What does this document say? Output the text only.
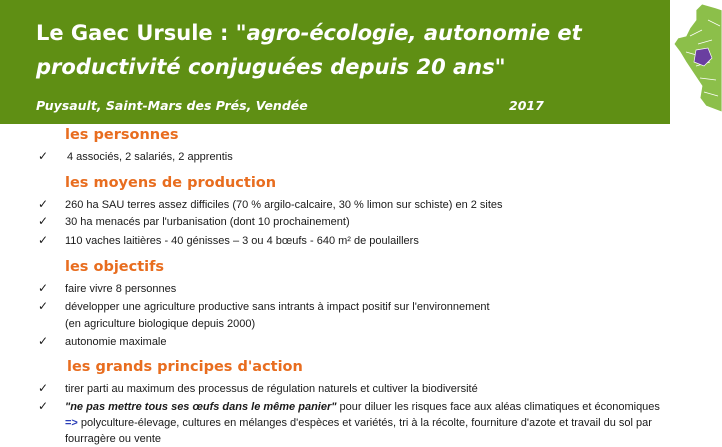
Le Gaec Ursule : "agro-écologie, autonomie et productivité conjuguées depuis 20 ans"
Puysault, Saint-Mars des Prés, Vendée	2017
les personnes
✓ 4 associés, 2 salariés, 2 apprentis
les moyens de production
✓ 260 ha SAU terres assez difficiles (70 % argilo-calcaire, 30 % limon sur schiste) en 2 sites
✓ 30 ha menacés par l'urbanisation (dont 10 prochainement)
✓ 110 vaches laitières - 40 génisses – 3 ou 4 bœufs - 640 m² de poulaillers
les objectifs
✓ faire vivre 8 personnes
✓ développer une agriculture productive sans intrants à impact positif sur l'environnement
(en agriculture biologique depuis 2000)
✓ autonomie maximale
les grands principes d'action
✓ tirer parti au maximum des processus de régulation naturels et cultiver la biodiversité
✓ "ne pas mettre tous ses œufs dans le même panier" pour diluer les risques face aux aléas climatiques et économiques
=> polyculture-élevage, cultures en mélanges d'espèces et variétés, tri à la récolte, fourniture d'azote et travail du sol par
fourragère ou vente
